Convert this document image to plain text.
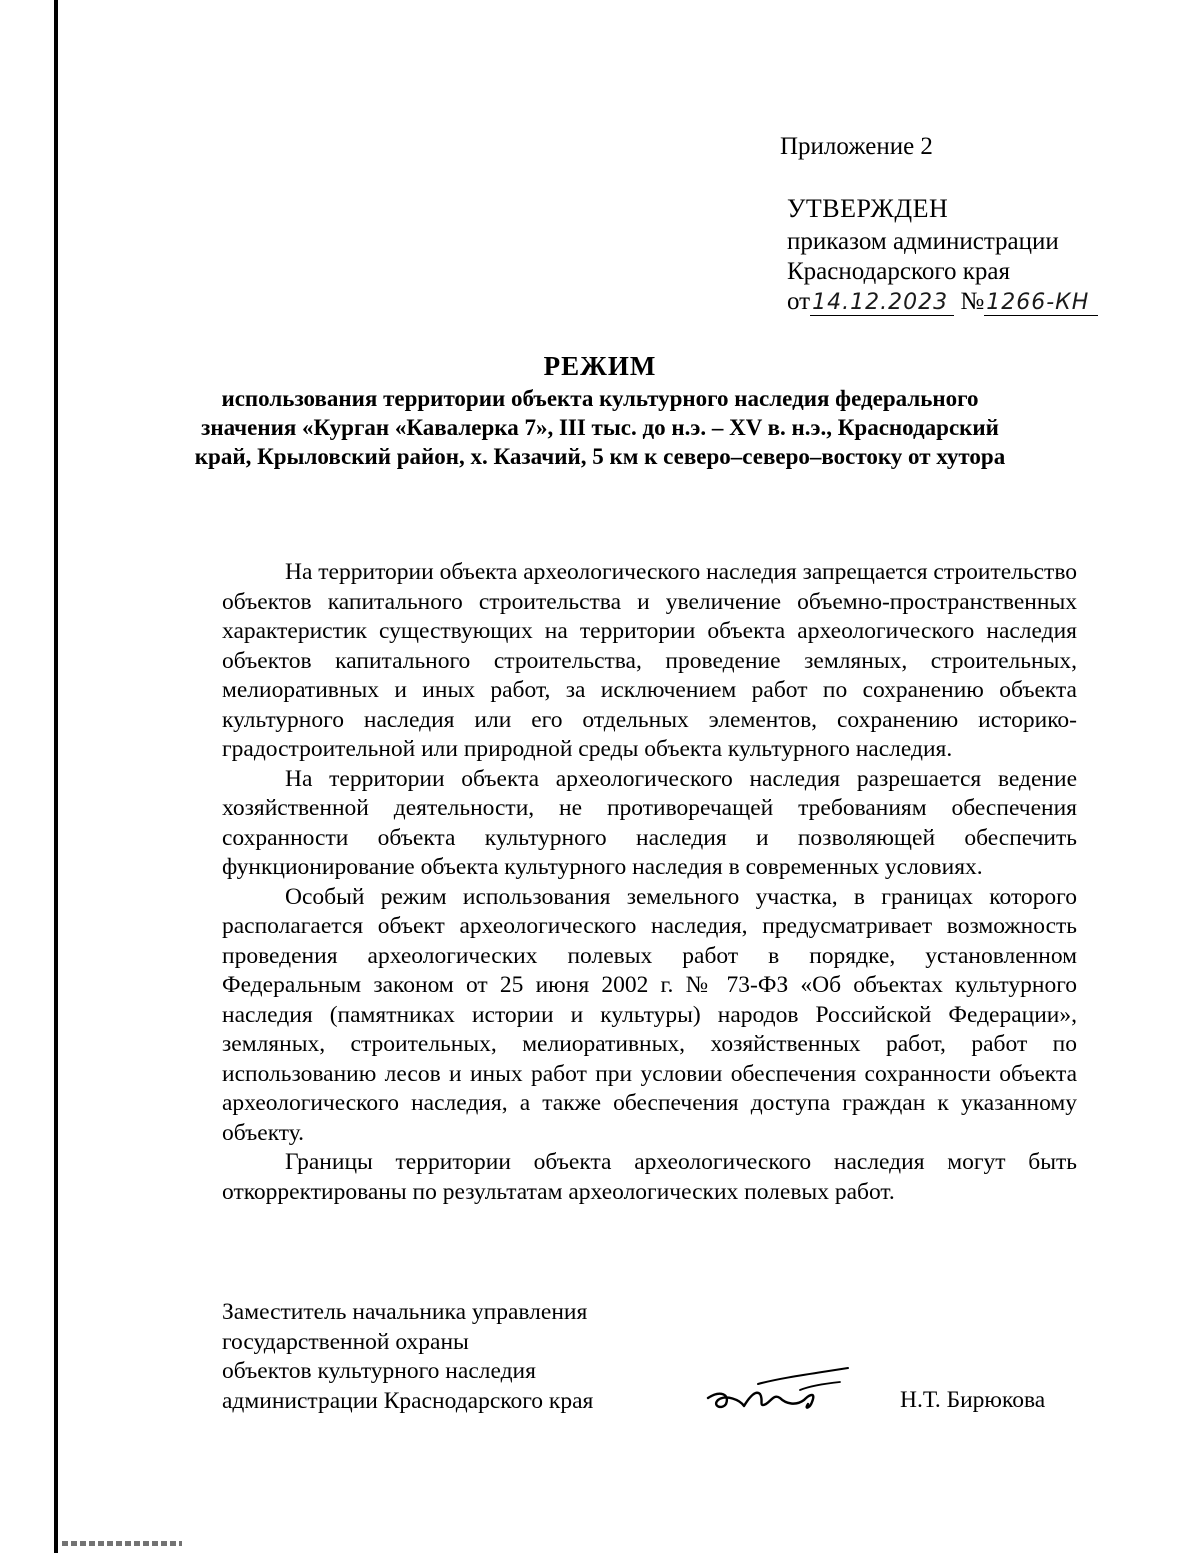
Приложение 2
УТВЕРЖДЕН
приказом администрации
Краснодарского края
от14.12.2023 №1266-КН
РЕЖИМ
использования территории объекта культурного наследия федерального значения «Курган «Кавалерка 7», III тыс. до н.э. – XV в. н.э., Краснодарский край, Крыловский район, х. Казачий, 5 км к северо–северо–востоку от хутора

На территории объекта археологического наследия запрещается строительство объектов капитального строительства и увеличение объемно-пространственных характеристик существующих на территории объекта археологического наследия объектов капитального строительства, проведение земляных, строительных, мелиоративных и иных работ, за исключением работ по сохранению объекта культурного наследия или его отдельных элементов, сохранению историко-градостроительной или природной среды объекта культурного наследия.

На территории объекта археологического наследия разрешается ведение хозяйственной деятельности, не противоречащей требованиям обеспечения сохранности объекта культурного наследия и позволяющей обеспечить функционирование объекта культурного наследия в современных условиях.

Особый режим использования земельного участка, в границах которого располагается объект археологического наследия, предусматривает возможность проведения археологических полевых работ в порядке, установленном Федеральным законом от 25 июня 2002 г. № 73-ФЗ «Об объектах культурного наследия (памятниках истории и культуры) народов Российской Федерации», земляных, строительных, мелиоративных, хозяйственных работ, работ по использованию лесов и иных работ при условии обеспечения сохранности объекта археологического наследия, а также обеспечения доступа граждан к указанному объекту.

Границы территории объекта археологического наследия могут быть откорректированы по результатам археологических полевых работ.

Заместитель начальника управления
государственной охраны
объектов культурного наследия
администрации Краснодарского края	Н.Т. Бирюкова
